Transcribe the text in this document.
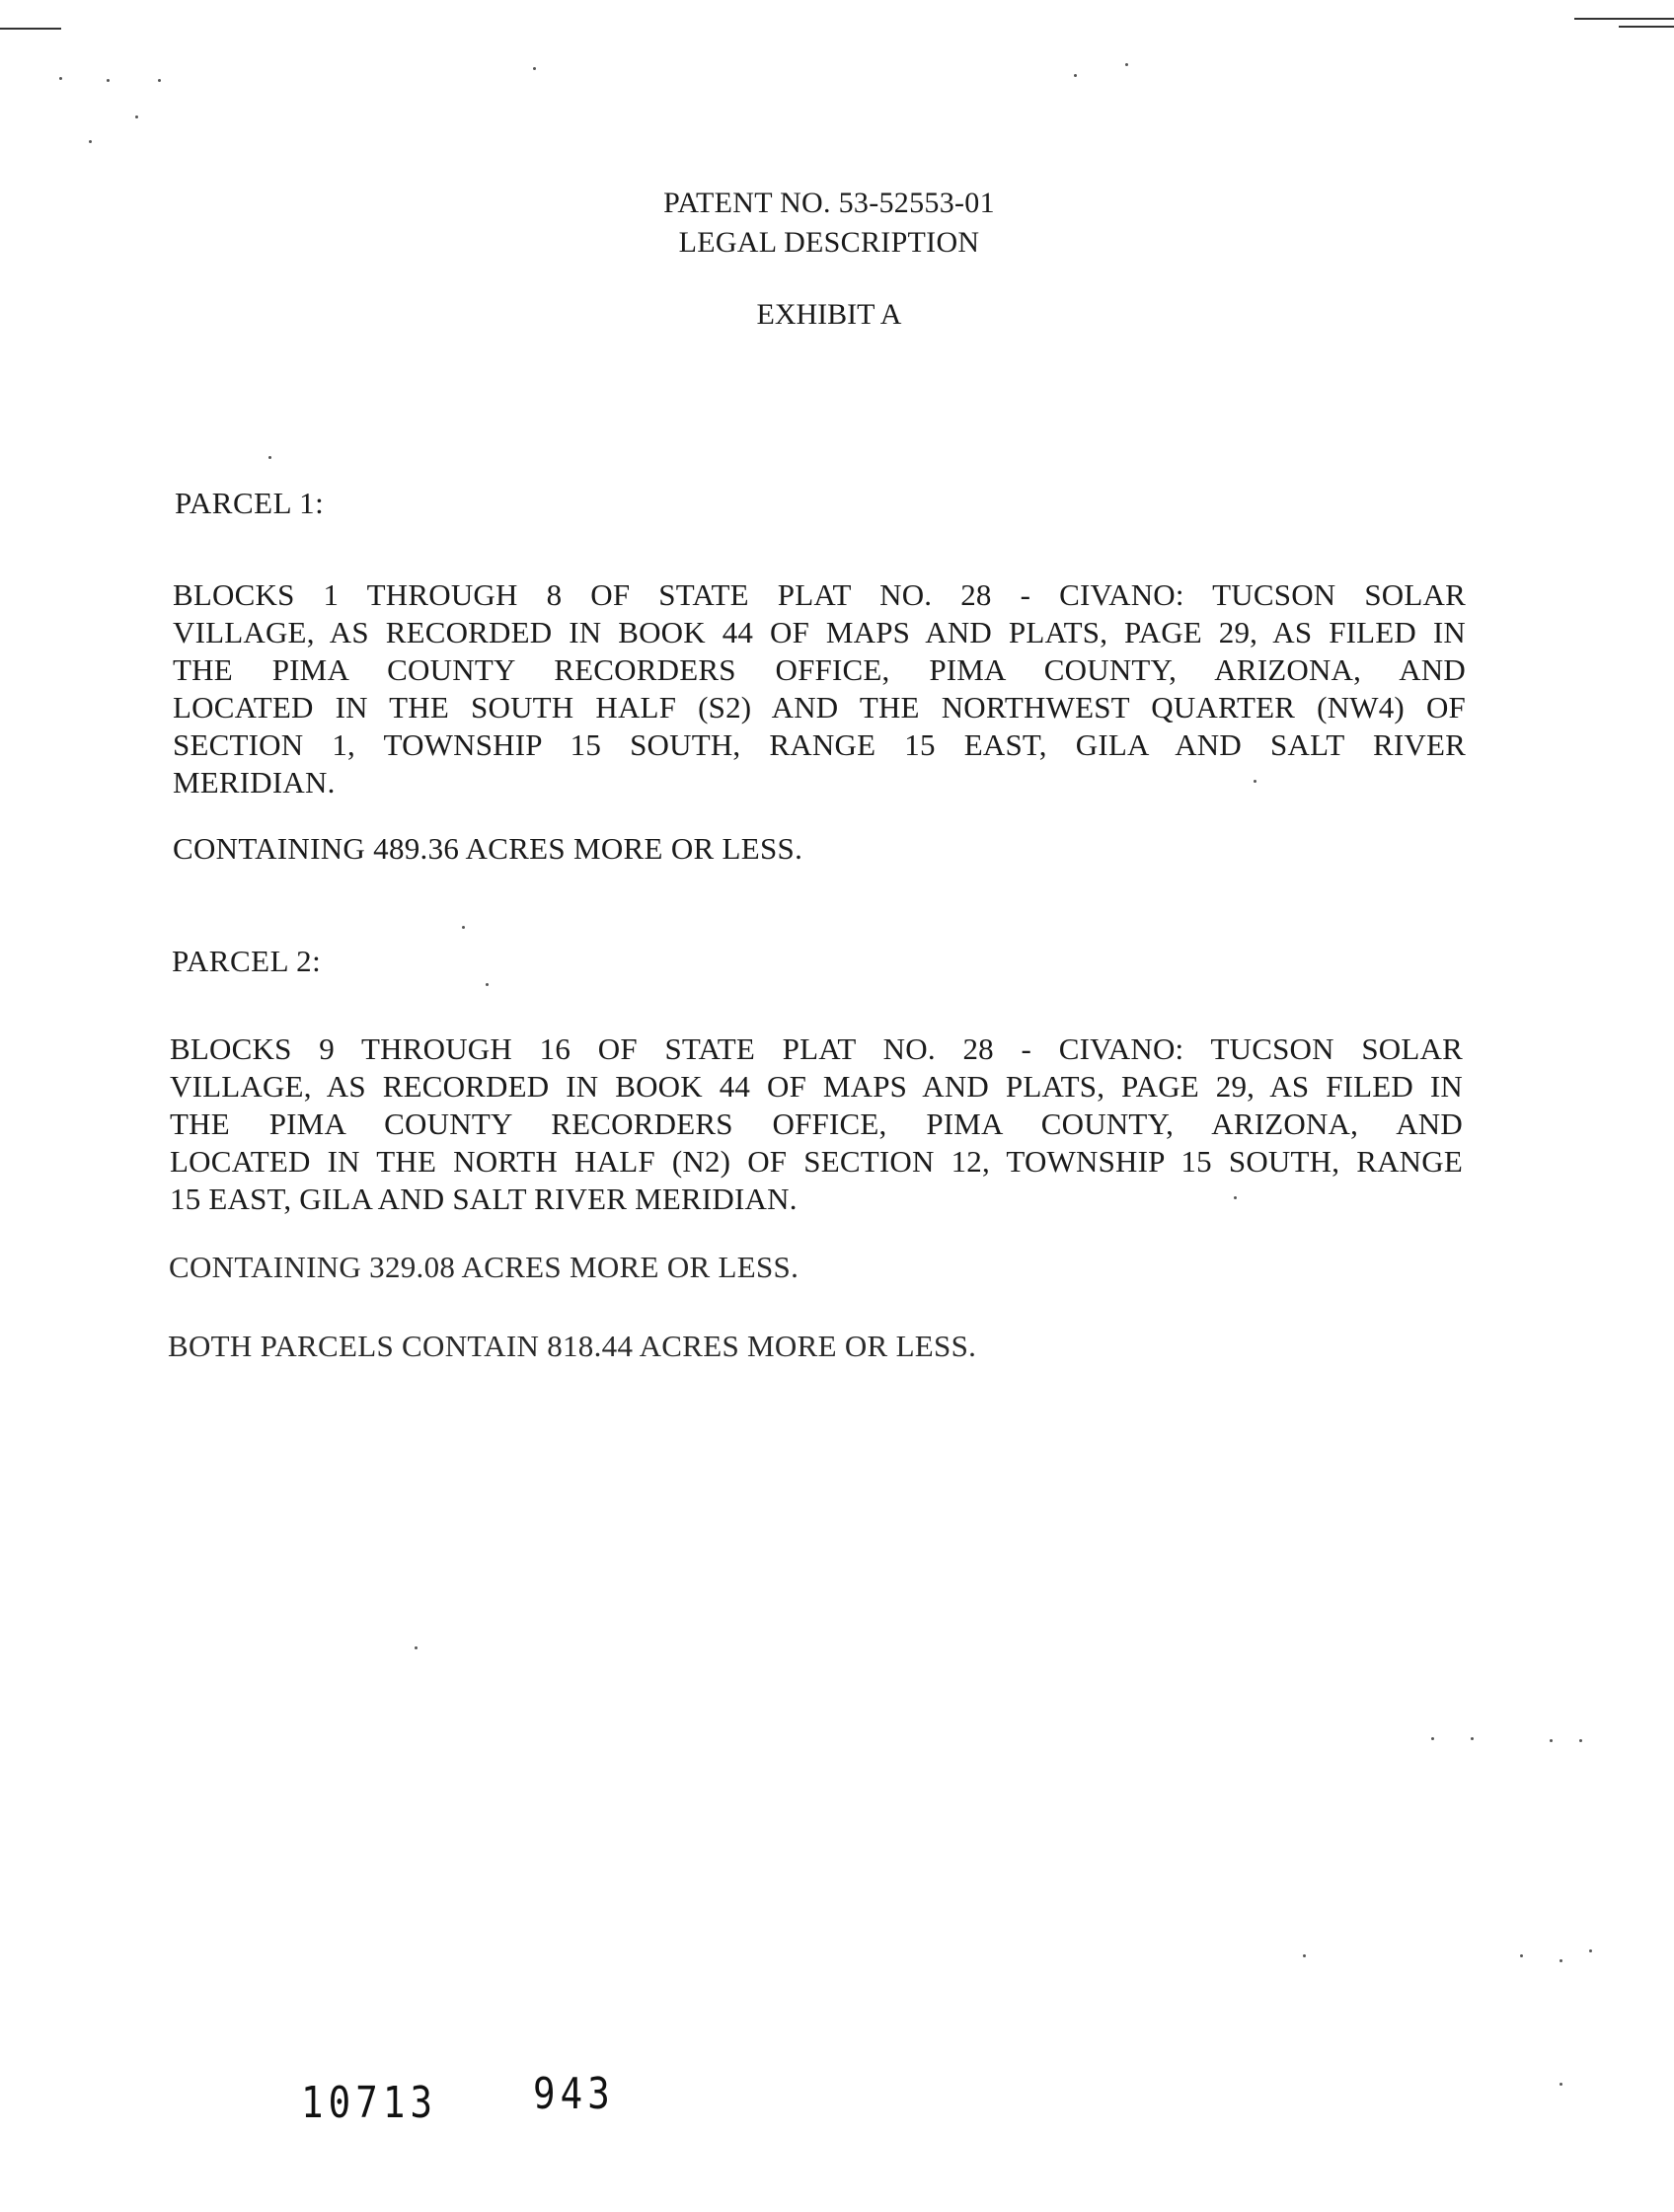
PATENT NO. 53-52553-01
LEGAL DESCRIPTION
EXHIBIT A
PARCEL 1:
BLOCKS 1 THROUGH 8 OF STATE PLAT NO. 28 - CIVANO: TUCSON SOLAR
VILLAGE, AS RECORDED IN BOOK 44 OF MAPS AND PLATS, PAGE 29, AS FILED IN
THE PIMA COUNTY RECORDERS OFFICE, PIMA COUNTY, ARIZONA, AND
LOCATED IN THE SOUTH HALF (S2) AND THE NORTHWEST QUARTER (NW4) OF
SECTION 1, TOWNSHIP 15 SOUTH, RANGE 15 EAST, GILA AND SALT RIVER
MERIDIAN.
CONTAINING 489.36 ACRES MORE OR LESS.
PARCEL 2:
BLOCKS 9 THROUGH 16 OF STATE PLAT NO. 28 - CIVANO: TUCSON SOLAR
VILLAGE, AS RECORDED IN BOOK 44 OF MAPS AND PLATS, PAGE 29, AS FILED IN
THE PIMA COUNTY RECORDERS OFFICE, PIMA COUNTY, ARIZONA, AND
LOCATED IN THE NORTH HALF (N2) OF SECTION 12, TOWNSHIP 15 SOUTH, RANGE
15 EAST, GILA AND SALT RIVER MERIDIAN.
CONTAINING 329.08 ACRES MORE OR LESS.
BOTH PARCELS CONTAIN 818.44 ACRES MORE OR LESS.
10713 943
